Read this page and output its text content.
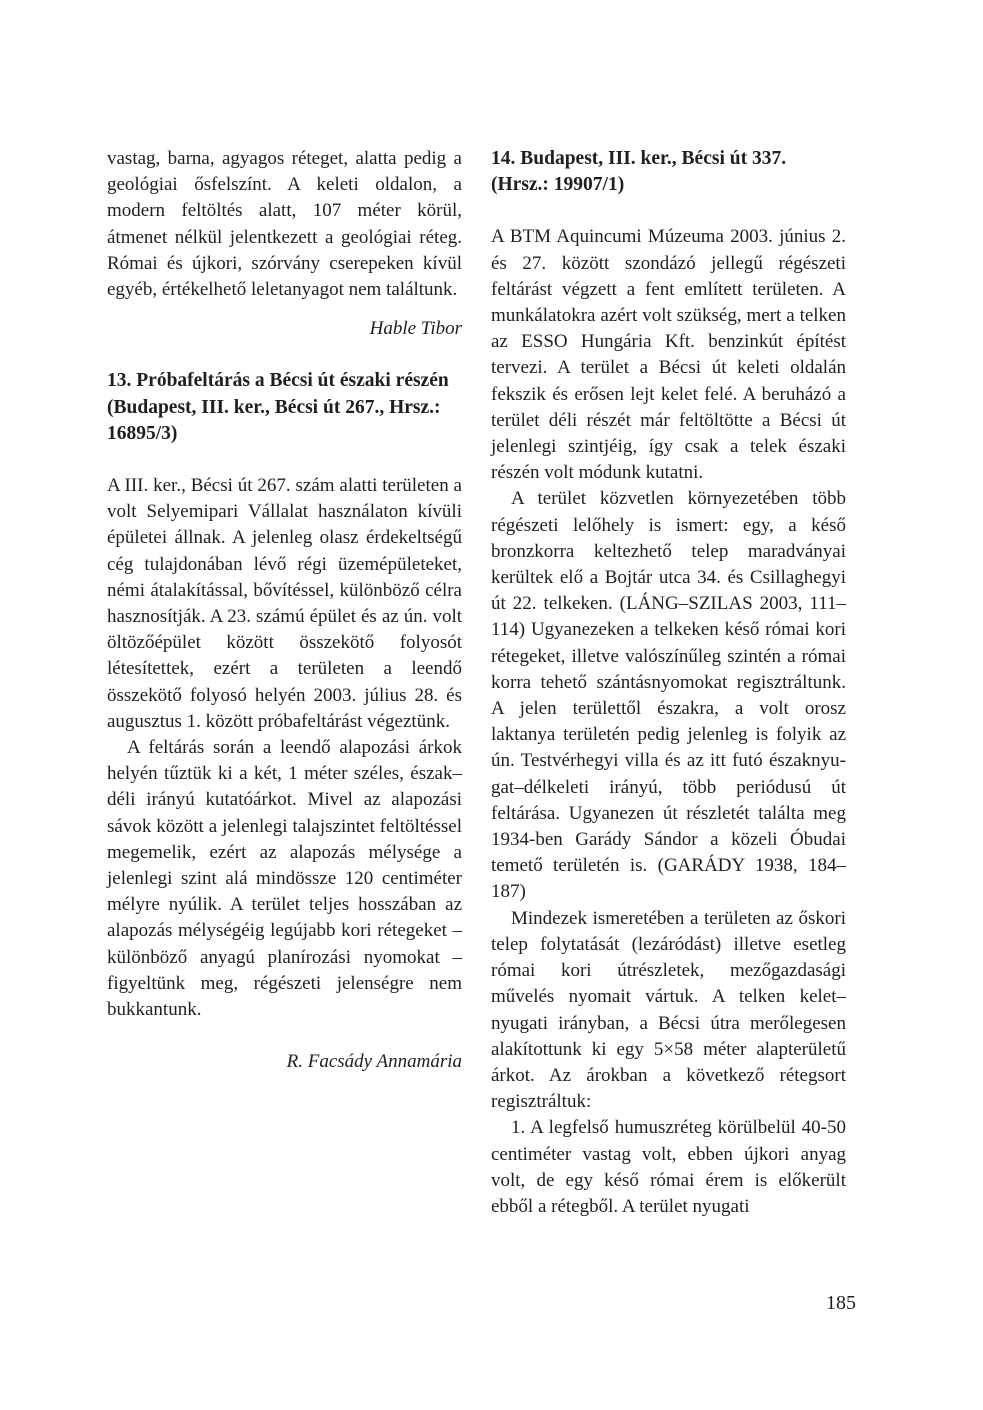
vastag, barna, agyagos réteget, alatta pedig a geológiai ősfelszínt. A keleti oldalon, a modern feltöltés alatt, 107 méter körül, átmenet nélkül jelentkezett a geológiai réteg. Római és újkori, szórvány cserepeken kívül egyéb, értékelhető leletanyagot nem találtunk.

Hable Tibor

13. Próbafeltárás a Bécsi út északi részén (Budapest, III. ker., Bécsi út 267., Hrsz.: 16895/3)

A III. ker., Bécsi út 267. szám alatti területen a volt Selyemipari Vállalat használaton kívüli épületei állnak. A jelenleg olasz érdekeltségű cég tulajdonában lévő régi üzemépületeket, némi átalakítással, bővítéssel, különböző célra hasznosítják. A 23. számú épület és az ún. volt öltözőépület között összekötő folyosót létesítettek, ezért a területen a leendő összekötő folyosó helyén 2003. július 28. és augusztus 1. között próbafeltárást végeztünk.

A feltárás során a leendő alapozási árkok helyén tűztük ki a két, 1 méter széles, észak–déli irányú kutatóárkot. Mivel az alapozási sávok között a jelenlegi talajszintet feltöltéssel megemelik, ezért az alapozás mélysége a jelenlegi szint alá mindössze 120 centiméter mélyre nyúlik. A terület teljes hosszában az alapozás mélységéig legújabb kori rétegeket – különböző anyagú planírozási nyomokat – figyeltünk meg, régészeti jelenségre nem bukkantunk.

R. Facsády Annamária

14. Budapest, III. ker., Bécsi út 337. (Hrsz.: 19907/1)

A BTM Aquincumi Múzeuma 2003. június 2. és 27. között szondázó jellegű régészeti feltárást végzett a fent említett területen. A munkálatokra azért volt szükség, mert a telken az ESSO Hungária Kft. benzinkút építést tervezi. A terület a Bécsi út keleti oldalán fekszik és erősen lejt kelet felé. A beruházó a terület déli részét már feltöltötte a Bécsi út jelenlegi szintjéig, így csak a telek északi részén volt módunk kutatni.

A terület közvetlen környezetében több régészeti lelőhely is ismert: egy, a késő bronzkorra keltezhető telep maradványai kerültek elő a Bojtár utca 34. és Csillaghegyi út 22. telkeken. (LÁNG–SZILAS 2003, 111–114) Ugyanezeken a telkeken késő római kori rétegeket, illetve valószínűleg szintén a római korra tehető szántásnyomokat regisztráltunk. A jelen területtől északra, a volt orosz laktanya területén pedig jelenleg is folyik az ún. Testvérhegyi villa és az itt futó északnyugat–délkeleti irányú, több periódusú út feltárása. Ugyanezen út részletét találta meg 1934-ben Garády Sándor a közeli Óbudai temető területén is. (GARÁDY 1938, 184–187)

Mindezek ismeretében a területen az őskori telep folytatását (lezáródást) illetve esetleg római kori útrészletek, mezőgazdasági művelés nyomait vártuk. A telken kelet–nyugati irányban, a Bécsi útra merőlegesen alakítottunk ki egy 5×58 méter alapterületű árkot. Az árokban a következő rétegsort regisztráltuk:

1. A legfelső humuszréteg körülbelül 40-50 centiméter vastag volt, ebben újkori anyag volt, de egy késő római érem is előkerült ebből a rétegből. A terület nyugati

185
